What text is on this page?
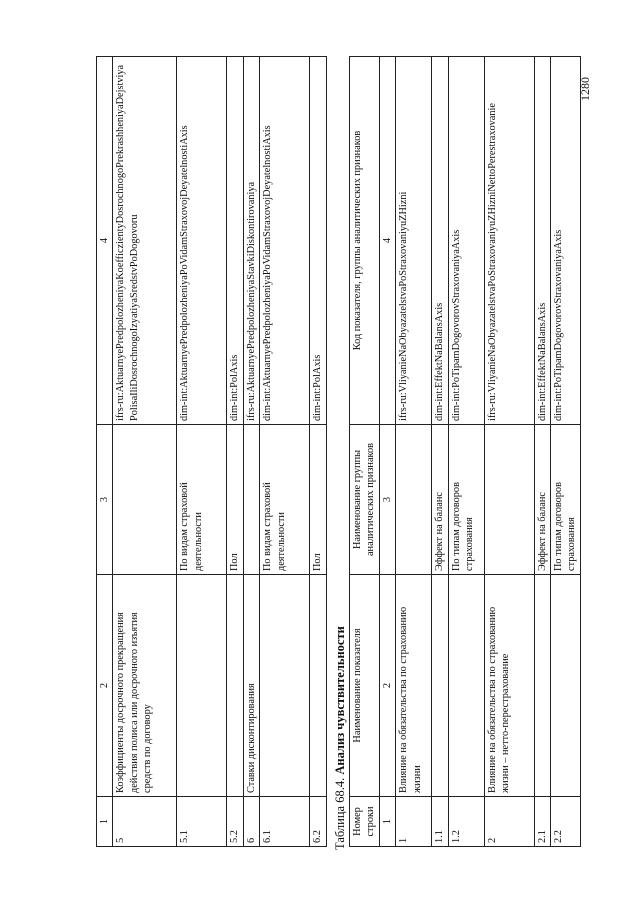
1	2	3	4
5	Коэффициенты досрочного прекращения действия полиса или досрочного изъятия средств по договору		ifrs-ru:AktuarnyePredpolozheniyaKoefficzientyDosrochnogoPrekrashheniyaDejstviyaPolisaIliDosrochnogoIzyatiyaSredstvPoDogovoru
5.1		По видам страховой деятельности	dim-int:AktuarnyePredpolozheniyaPoVidamStraxovojDeyatelnostiAxis
5.2		Пол	dim-int:PolAxis
6	Ставки дисконтирования		ifrs-ru:AktuarnyePredpolozheniyaStavkiDiskontirovaniya
6.1		По видам страховой деятельности	dim-int:AktuarnyePredpolozheniyaPoVidamStraxovojDeyatelnostiAxis
6.2		Пол	dim-int:PolAxis
Таблица 68.4. Анализ чувствительности
Номер строки	Наименование показателя	Наименование группы аналитических признаков	Код показателя, группы аналитических признаков
1	2	3	4
1	Влияние на обязательства по страхованию жизни		ifrs-ru:VliyanieNaObyazatelstvaPoStraxovaniyuZHizni
1.1		Эффект на баланс	dim-int:EffektNaBalansAxis
1.2		По типам договоров страхования	dim-int:PoTipamDogovorovStraxovaniyaAxis
2	Влияние на обязательства по страхованию жизни – нетто-перестрахование		ifrs-ru:VliyanieNaObyazatelstvaPoStraxovaniyuZHizniNettoPerestraxovanie
2.1		Эффект на баланс	dim-int:EffektNaBalansAxis
2.2		По типам договоров страхования	dim-int:PoTipamDogovorovStraxovaniyaAxis
1280
